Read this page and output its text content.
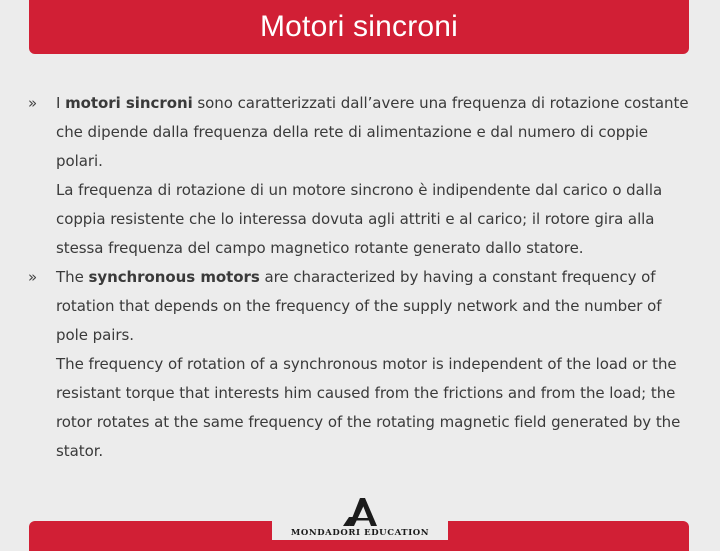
Motori sincroni
» I motori sincroni sono caratterizzati dall’avere una frequenza di rotazione costante che dipende dalla frequenza della rete di alimentazione e dal numero di coppie polari.

La frequenza di rotazione di un motore sincrono è indipendente dal carico o dalla coppia resistente che lo interessa dovuta agli attriti e al carico; il rotore gira alla stessa frequenza del campo magnetico rotante generato dallo statore.

» The synchronous motors are characterized by having a constant frequency of rotation that depends on the frequency of the supply network and the number of pole pairs.

The frequency of rotation of a synchronous motor is independent of the load or the resistant torque that interests him caused from the frictions and from the load; the rotor rotates at the same frequency of the rotating magnetic field generated by the stator.

MONDADORI EDUCATION
